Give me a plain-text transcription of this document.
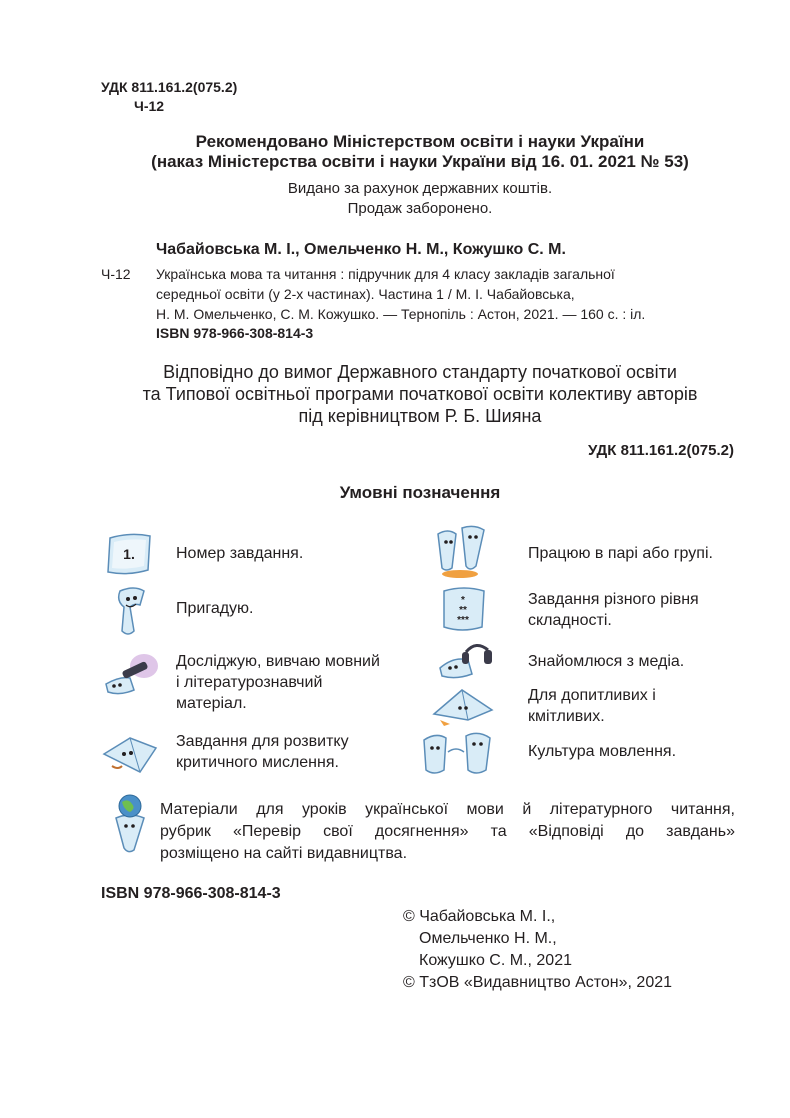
УДК 811.161.2(075.2)
Ч-12
Рекомендовано Міністерством освіти і науки України
(наказ Міністерства освіти і науки України від 16. 01. 2021 № 53)
Видано за рахунок державних коштів.
Продаж заборонено.
Чабайовська М. І., Омельченко Н. М., Кожушко С. М.
Ч-12 Українська мова та читання : підручник для 4 класу закладів загальної
середньої освіти (у 2-х частинах). Частина 1 / М. І. Чабайовська,
Н. М. Омельченко, С. М. Кожушко. — Тернопіль : Астон, 2021. — 160 с. : іл.
ISBN 978-966-308-814-3
Відповідно до вимог Державного стандарту початкової освіти
та Типової освітньої програми початкової освіти колективу авторів
під керівництвом Р. Б. Шияна
УДК 811.161.2(075.2)
Умовні позначення
1.	Номер завдання.
Пригадую.
Досліджую, вивчаю мовний
і літературознавчий
матеріал.
Завдання для розвитку
критичного мислення.
Працюю в парі або групі.
*
**
***
Завдання різного рівня
складності.
Знайомлюся з медіа.
Для допитливих і
кмітливих.
Культура мовлення.
Матеріали для уроків української мови й літературного читання,
рубрик «Перевір свої досягнення» та «Відповіді до завдань»
розміщено на сайті видавництва.
ISBN 978-966-308-814-3
© Чабайовська М. І.,
Омельченко Н. М.,
Кожушко С. М., 2021
© ТзОВ «Видавництво Астон», 2021
